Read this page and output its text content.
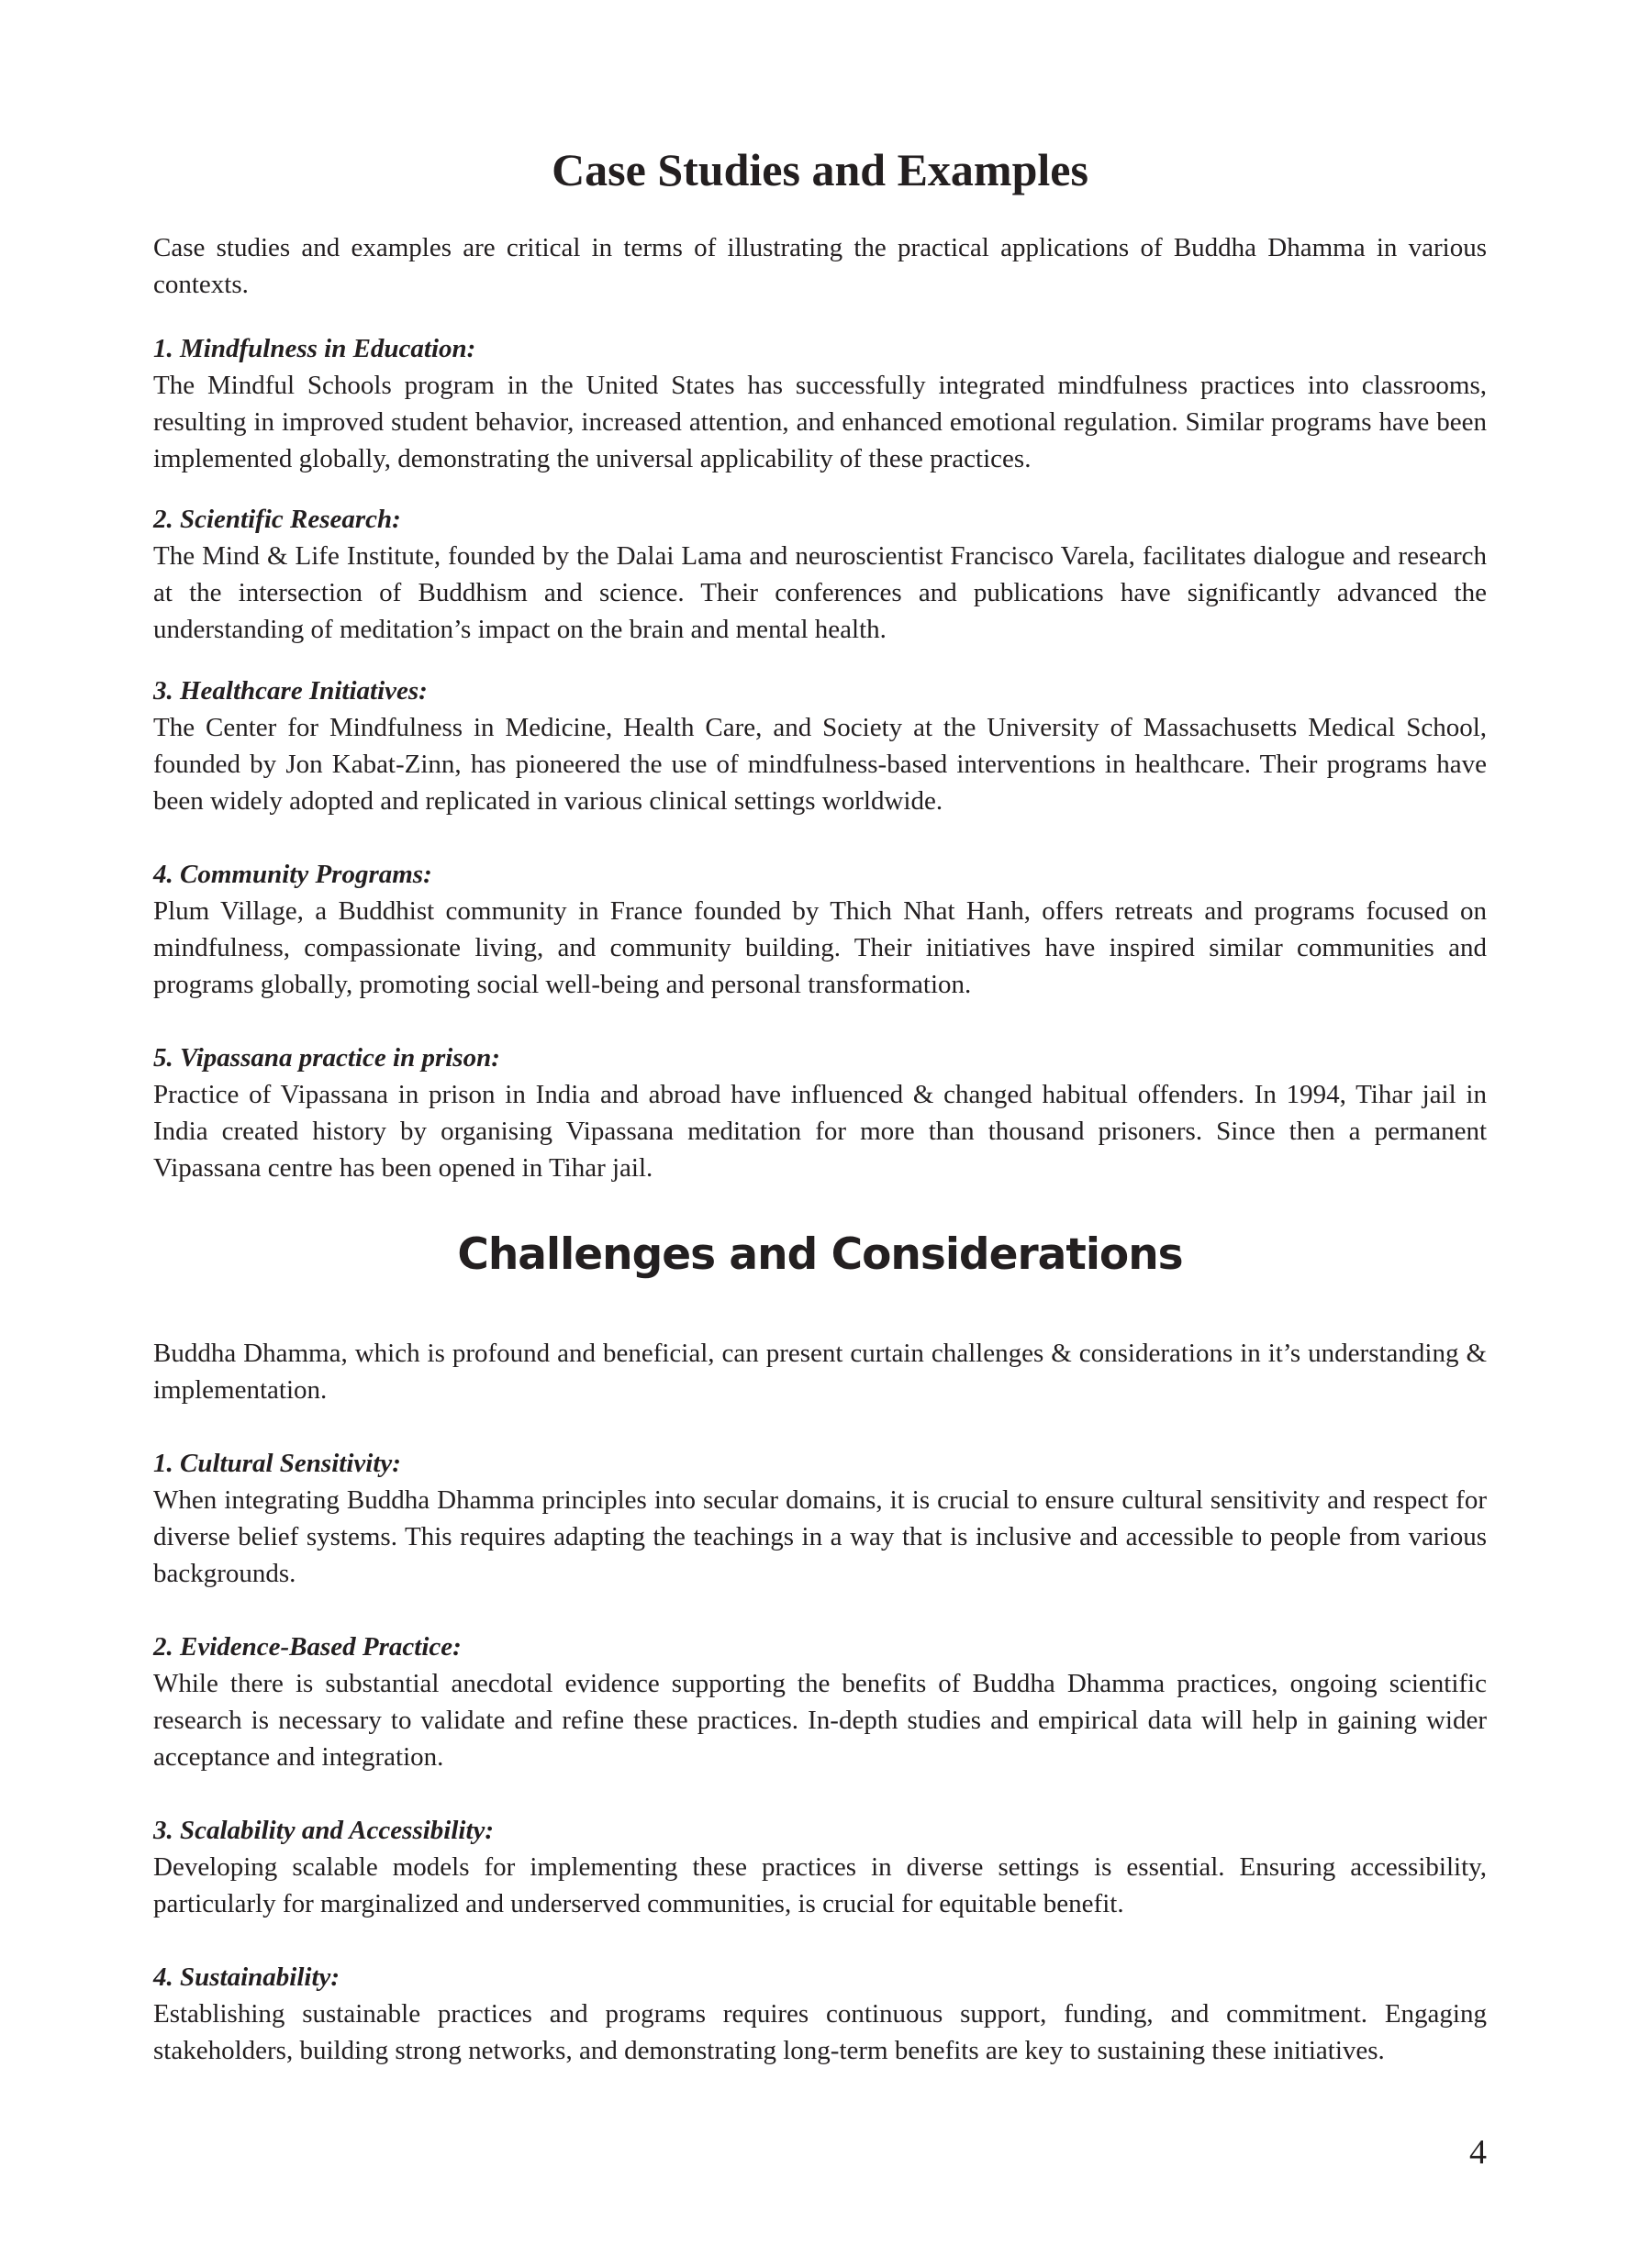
Case Studies and Examples

Case studies and examples are critical in terms of illustrating the practical applications of Buddha Dhamma in various contexts.

1. Mindfulness in Education:

The Mindful Schools program in the United States has successfully integrated mindfulness practices into classrooms, resulting in improved student behavior, increased attention, and enhanced emotional regulation. Similar programs have been implemented globally, demonstrating the universal applicability of these practices.

2. Scientific Research:

The Mind & Life Institute, founded by the Dalai Lama and neuroscientist Francisco Varela, facilitates dialogue and research at the intersection of Buddhism and science. Their conferences and publications have significantly advanced the understanding of meditation’s impact on the brain and mental health.

3. Healthcare Initiatives:

The Center for Mindfulness in Medicine, Health Care, and Society at the University of Massachusetts Medical School, founded by Jon Kabat-Zinn, has pioneered the use of mindfulness-based interventions in healthcare. Their programs have been widely adopted and replicated in various clinical settings worldwide.

4. Community Programs:

Plum Village, a Buddhist community in France founded by Thich Nhat Hanh, offers retreats and programs focused on mindfulness, compassionate living, and community building. Their initiatives have inspired similar communities and programs globally, promoting social well-being and personal transformation.

5. Vipassana practice in prison:

Practice of Vipassana in prison in India and abroad have influenced & changed habitual offenders. In 1994, Tihar jail in India created history by organising Vipassana meditation for more than thousand prisoners. Since then a permanent Vipassana centre has been opened in Tihar jail.

Challenges and Considerations

Buddha Dhamma, which is profound and beneficial, can present curtain challenges & considerations in it’s understanding & implementation.

1. Cultural Sensitivity:

When integrating Buddha Dhamma principles into secular domains, it is crucial to ensure cultural sensitivity and respect for diverse belief systems. This requires adapting the teachings in a way that is inclusive and accessible to people from various backgrounds.

2. Evidence-Based Practice:

While there is substantial anecdotal evidence supporting the benefits of Buddha Dhamma practices, ongoing scientific research is necessary to validate and refine these practices. In-depth studies and empirical data will help in gaining wider acceptance and integration.

3. Scalability and Accessibility:

Developing scalable models for implementing these practices in diverse settings is essential. Ensuring accessibility, particularly for marginalized and underserved communities, is crucial for equitable benefit.

4. Sustainability:

Establishing sustainable practices and programs requires continuous support, funding, and commitment. Engaging stakeholders, building strong networks, and demonstrating long-term benefits are key to sustaining these initiatives.

4
